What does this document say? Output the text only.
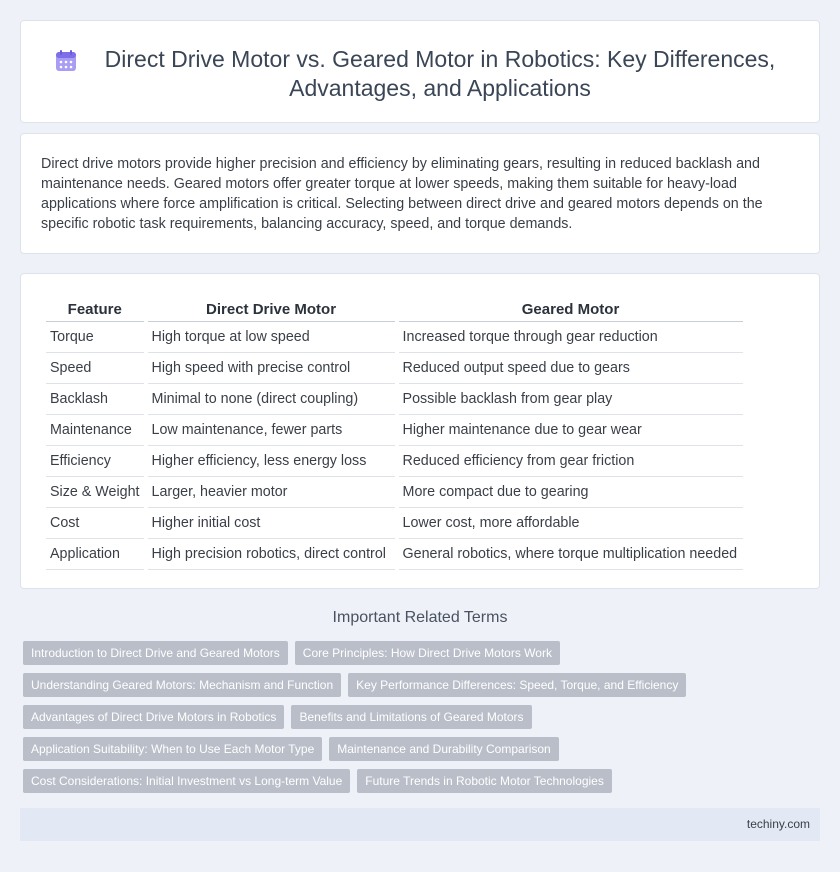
Direct Drive Motor vs. Geared Motor in Robotics: Key Differences, Advantages, and Applications

Direct drive motors provide higher precision and efficiency by eliminating gears, resulting in reduced backlash and maintenance needs. Geared motors offer greater torque at lower speeds, making them suitable for heavy-load applications where force amplification is critical. Selecting between direct drive and geared motors depends on the specific robotic task requirements, balancing accuracy, speed, and torque demands.

Feature	Direct Drive Motor	Geared Motor
Torque	High torque at low speed	Increased torque through gear reduction
Speed	High speed with precise control	Reduced output speed due to gears
Backlash	Minimal to none (direct coupling)	Possible backlash from gear play
Maintenance	Low maintenance, fewer parts	Higher maintenance due to gear wear
Efficiency	Higher efficiency, less energy loss	Reduced efficiency from gear friction
Size & Weight	Larger, heavier motor	More compact due to gearing
Cost	Higher initial cost	Lower cost, more affordable
Application	High precision robotics, direct control	General robotics, where torque multiplication needed
Important Related Terms
Introduction to Direct Drive and Geared Motors	Core Principles: How Direct Drive Motors Work
Understanding Geared Motors: Mechanism and Function	Key Performance Differences: Speed, Torque, and Efficiency
Advantages of Direct Drive Motors in Robotics	Benefits and Limitations of Geared Motors
Application Suitability: When to Use Each Motor Type	Maintenance and Durability Comparison
Cost Considerations: Initial Investment vs Long-term Value	Future Trends in Robotic Motor Technologies
techiny.com
